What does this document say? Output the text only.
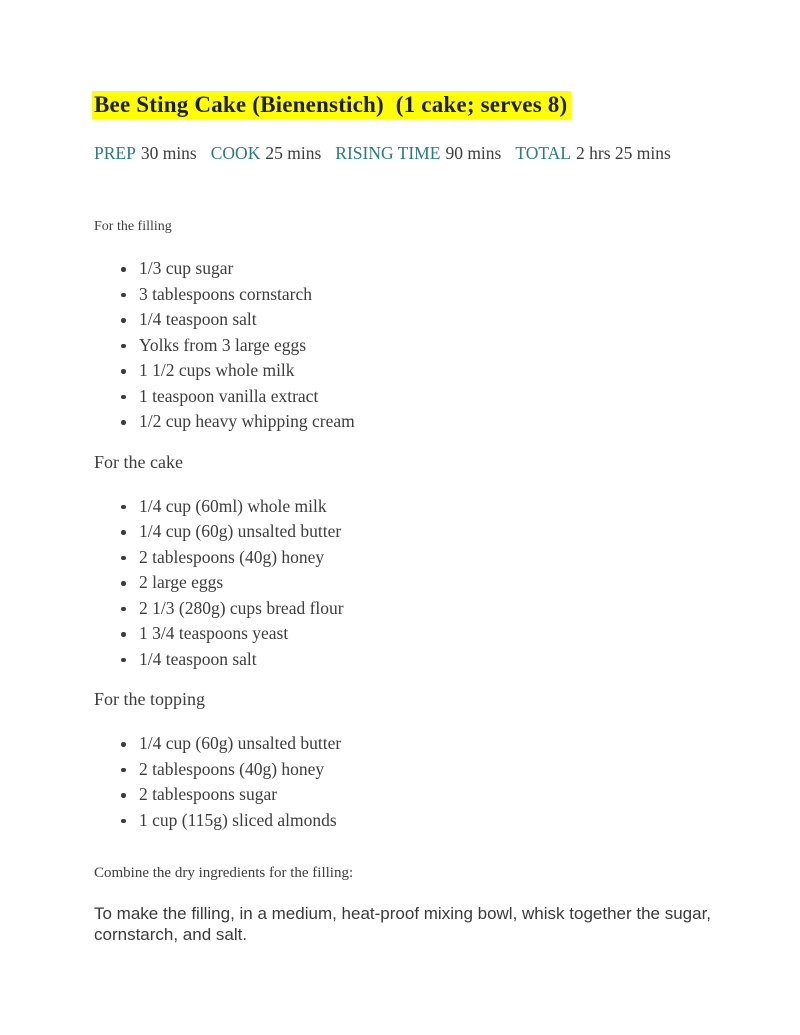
Bee Sting Cake (Bienenstich)  (1 cake; serves 8)
PREP 30 mins COOK 25 mins RISING TIME 90 mins TOTAL 2 hrs 25 mins
For the filling
1/3 cup sugar
3 tablespoons cornstarch
1/4 teaspoon salt
Yolks from 3 large eggs
1 1/2 cups whole milk
1 teaspoon vanilla extract
1/2 cup heavy whipping cream
For the cake
1/4 cup (60ml) whole milk
1/4 cup (60g) unsalted butter
2 tablespoons (40g) honey
2 large eggs
2 1/3 (280g) cups bread flour
1 3/4 teaspoons yeast
1/4 teaspoon salt
For the topping
1/4 cup (60g) unsalted butter
2 tablespoons (40g) honey
2 tablespoons sugar
1 cup (115g) sliced almonds

Combine the dry ingredients for the filling:

To make the filling, in a medium, heat-proof mixing bowl, whisk together the sugar, cornstarch, and salt.
